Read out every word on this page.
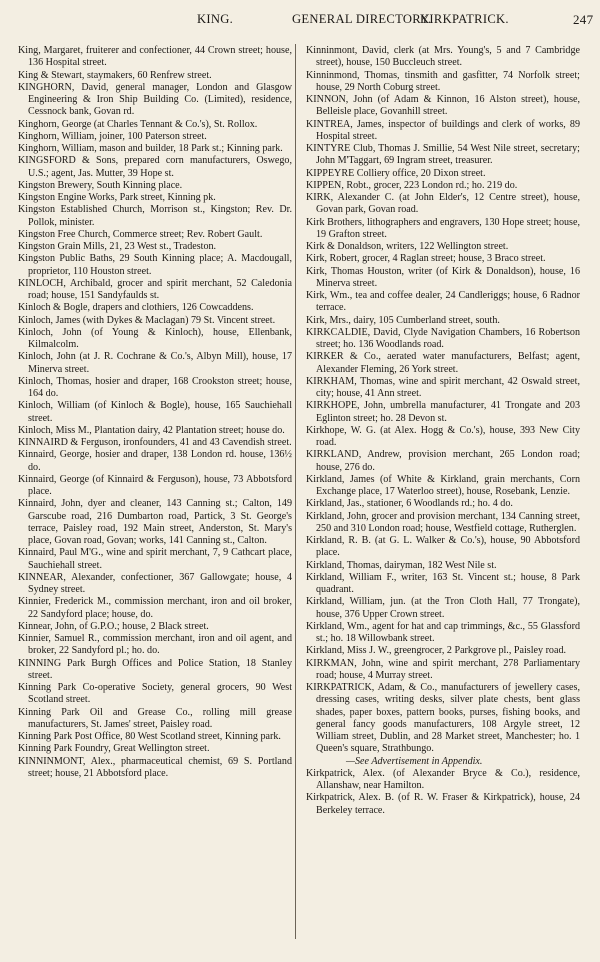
KING.	GENERAL DIRECTORY.
KIRKPATRICK.	247

King, Margaret, fruiterer and confectioner, 44 Crown street; house, 136 Hospital street.

King & Stewart, staymakers, 60 Renfrew street.

KINGHORN, David, general manager, London and Glasgow Engineering & Iron Ship Building Co. (Limited), residence, Cessnock bank, Govan rd.

Kinghorn, George (at Charles Tennant & Co.'s), St. Rollox.

Kinghorn, William, joiner, 100 Paterson street.

Kinghorn, William, mason and builder, 18 Park st.; Kinning park.

KINGSFORD & Sons, prepared corn manufacturers, Oswego, U.S.; agent, Jas. Mutter, 39 Hope st.

Kingston Brewery, South Kinning place.

Kingston Engine Works, Park street, Kinning pk.

Kingston Established Church, Morrison st., Kingston; Rev. Dr. Pollok, minister.

Kingston Free Church, Commerce street; Rev. Robert Gault.

Kingston Grain Mills, 21, 23 West st., Tradeston.

Kingston Public Baths, 29 South Kinning place; A. Macdougall, proprietor, 110 Houston street.

KINLOCH, Archibald, grocer and spirit merchant, 52 Caledonia road; house, 151 Sandyfaulds st.

Kinloch & Bogle, drapers and clothiers, 126 Cowcaddens.

Kinloch, James (with Dykes & Maclagan) 79 St. Vincent street.

Kinloch, John (of Young & Kinloch), house, Ellenbank, Kilmalcolm.

Kinloch, John (at J. R. Cochrane & Co.'s, Albyn Mill), house, 17 Minerva street.

Kinloch, Thomas, hosier and draper, 168 Crookston street; house, 164 do.

Kinloch, William (of Kinloch & Bogle), house, 165 Sauchiehall street.

Kinloch, Miss M., Plantation dairy, 42 Plantation street; house do.

KINNAIRD & Ferguson, ironfounders, 41 and 43 Cavendish street.

Kinnaird, George, hosier and draper, 138 London rd. house, 136½ do.

Kinnaird, George (of Kinnaird & Ferguson), house, 73 Abbotsford place.

Kinnaird, John, dyer and cleaner, 143 Canning st.; Calton, 149 Garscube road, 216 Dumbarton road, Partick, 3 St. George's terrace, Paisley road, 192 Main street, Anderston, St. Mary's place, Govan road, Govan; works, 141 Canning st., Calton.

Kinnaird, Paul M'G., wine and spirit merchant, 7, 9 Cathcart place, Sauchiehall street.

KINNEAR, Alexander, confectioner, 367 Gallowgate; house, 4 Sydney street.

Kinnier, Frederick M., commission merchant, iron and oil broker, 22 Sandyford place; house, do.

Kinnear, John, of G.P.O.; house, 2 Black street.

Kinnier, Samuel R., commission merchant, iron and oil agent, and broker, 22 Sandyford pl.; ho. do.

KINNING Park Burgh Offices and Police Station, 18 Stanley street.

Kinning Park Co-operative Society, general grocers, 90 West Scotland street.

Kinning Park Oil and Grease Co., rolling mill grease manufacturers, St. James' street, Paisley road.

Kinning Park Post Office, 80 West Scotland street, Kinning park.

Kinning Park Foundry, Great Wellington street.

KINNINMONT, Alex., pharmaceutical chemist, 69 S. Portland street; house, 21 Abbotsford place.

Kinninmont, David, clerk (at Mrs. Young's, 5 and 7 Cambridge street), house, 150 Buccleuch street.

Kinninmond, Thomas, tinsmith and gasfitter, 74 Norfolk street; house, 29 North Coburg street.

KINNON, John (of Adam & Kinnon, 16 Alston street), house, Belleisle place, Govanhill street.

KINTREA, James, inspector of buildings and clerk of works, 89 Hospital street.

KINTYRE Club, Thomas J. Smillie, 54 West Nile street, secretary; John M'Taggart, 69 Ingram street, treasurer.

KIPPEYRE Colliery office, 20 Dixon street.

KIPPEN, Robt., grocer, 223 London rd.; ho. 219 do.

KIRK, Alexander C. (at John Elder's, 12 Centre street), house, Govan park, Govan road.

Kirk Brothers, lithographers and engravers, 130 Hope street; house, 19 Grafton street.

Kirk & Donaldson, writers, 122 Wellington street.

Kirk, Robert, grocer, 4 Raglan street; house, 3 Braco street.

Kirk, Thomas Houston, writer (of Kirk & Donaldson), house, 16 Minerva street.

Kirk, Wm., tea and coffee dealer, 24 Candleriggs; house, 6 Radnor terrace.

Kirk, Mrs., dairy, 105 Cumberland street, south.

KIRKCALDIE, David, Clyde Navigation Chambers, 16 Robertson street; ho. 136 Woodlands road.

KIRKER & Co., aerated water manufacturers, Belfast; agent, Alexander Fleming, 26 York street.

KIRKHAM, Thomas, wine and spirit merchant, 42 Oswald street, city; house, 41 Ann street.

KIRKHOPE, John, umbrella manufacturer, 41 Trongate and 203 Eglinton street; ho. 28 Devon st.

Kirkhope, W. G. (at Alex. Hogg & Co.'s), house, 393 New City road.

KIRKLAND, Andrew, provision merchant, 265 London road; house, 276 do.

Kirkland, James (of White & Kirkland, grain merchants, Corn Exchange place, 17 Waterloo street), house, Rosebank, Lenzie.

Kirkland, Jas., stationer, 6 Woodlands rd.; ho. 4 do.

Kirkland, John, grocer and provision merchant, 134 Canning street, 250 and 310 London road; house, Westfield cottage, Rutherglen.

Kirkland, R. B. (at G. L. Walker & Co.'s), house, 90 Abbotsford place.

Kirkland, Thomas, dairyman, 182 West Nile st.

Kirkland, William F., writer, 163 St. Vincent st.; house, 8 Park quadrant.

Kirkland, William, jun. (at the Tron Cloth Hall, 77 Trongate), house, 376 Upper Crown street.

Kirkland, Wm., agent for hat and cap trimmings, &c., 55 Glassford st.; ho. 18 Willowbank street.

Kirkland, Miss J. W., greengrocer, 2 Parkgrove pl., Paisley road.

KIRKMAN, John, wine and spirit merchant, 278 Parliamentary road; house, 4 Murray street.

KIRKPATRICK, Adam, & Co., manufacturers of jewellery cases, dressing cases, writing desks, silver plate chests, bent glass shades, paper boxes, pattern books, purses, fishing books, and general fancy goods manufacturers, 108 Argyle street, 12 William street, Dublin, and 28 Market street, Manchester; ho. 1 Queen's square, Strathbungo.

—See Advertisement in Appendix.

Kirkpatrick, Alex. (of Alexander Bryce & Co.), residence, Allanshaw, near Hamilton.

Kirkpatrick, Alex. B. (of R. W. Fraser & Kirkpatrick), house, 24 Berkeley terrace.
